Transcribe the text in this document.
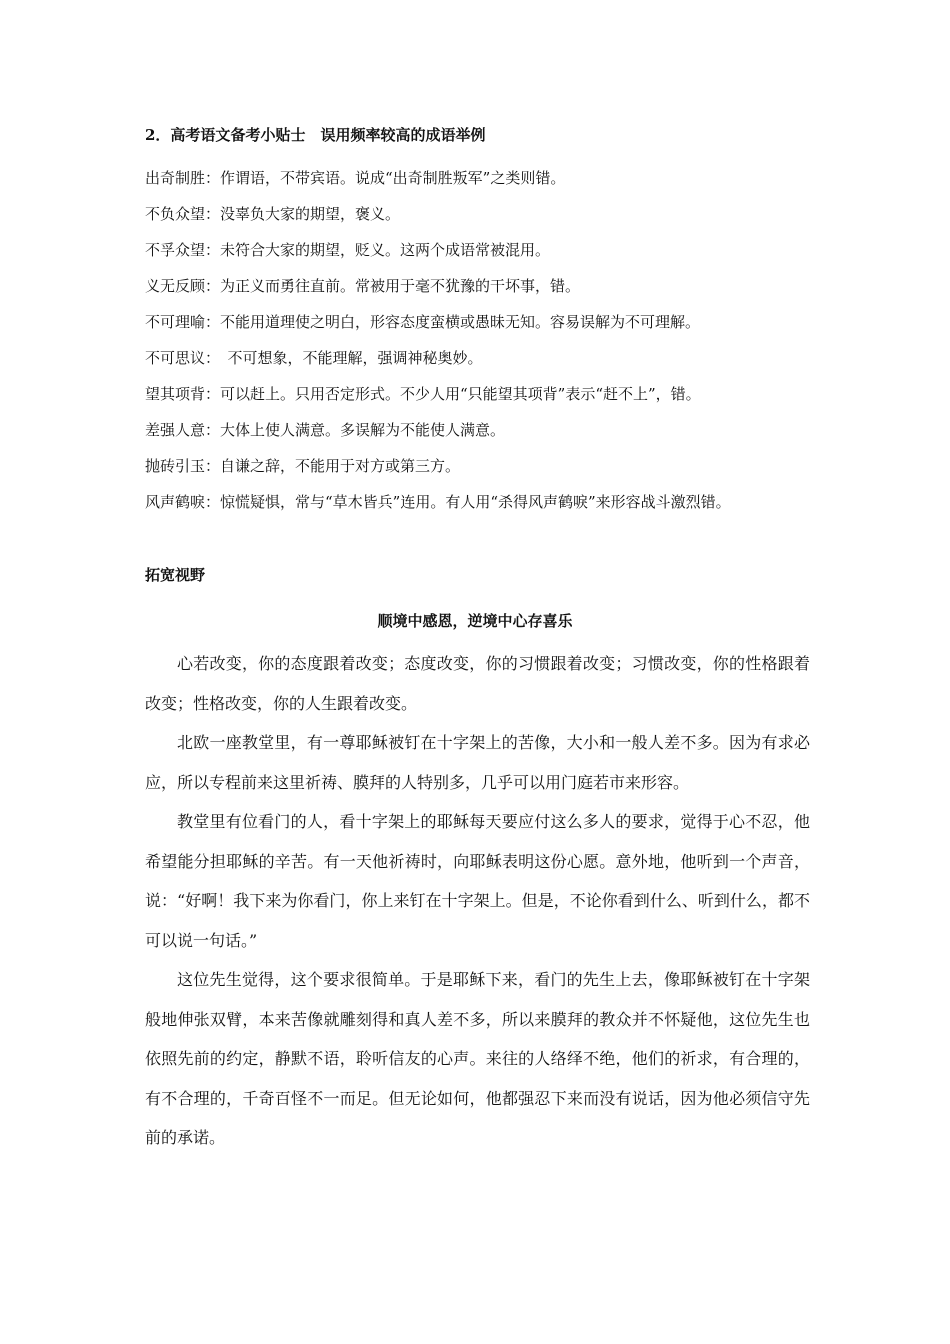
2．高考语文备考小贴士　误用频率较高的成语举例
出奇制胜：作谓语，不带宾语。说成“出奇制胜叛军”之类则错。
不负众望：没辜负大家的期望，褒义。
不孚众望：未符合大家的期望，贬义。这两个成语常被混用。
义无反顾：为正义而勇往直前。常被用于毫不犹豫的干坏事，错。
不可理喻：不能用道理使之明白，形容态度蛮横或愚昧无知。容易误解为不可理解。
不可思议：　不可想象，不能理解，强调神秘奥妙。
望其项背：可以赶上。只用否定形式。不少人用“只能望其项背”表示“赶不上”，错。
差强人意：大体上使人满意。多误解为不能使人满意。
抛砖引玉：自谦之辞，不能用于对方或第三方。
风声鹤唳：惊慌疑惧，常与“草木皆兵”连用。有人用“杀得风声鹤唳”来形容战斗激烈错。
拓宽视野
顺境中感恩，逆境中心存喜乐

心若改变，你的态度跟着改变；态度改变，你的习惯跟着改变；习惯改变，你的性格跟着改变；性格改变，你的人生跟着改变。

北欧一座教堂里，有一尊耶稣被钉在十字架上的苦像，大小和一般人差不多。因为有求必应，所以专程前来这里祈祷、膜拜的人特别多，几乎可以用门庭若市来形容。

教堂里有位看门的人，看十字架上的耶稣每天要应付这么多人的要求，觉得于心不忍，他希望能分担耶稣的辛苦。有一天他祈祷时，向耶稣表明这份心愿。意外地，他听到一个声音，说：“好啊！我下来为你看门，你上来钉在十字架上。但是，不论你看到什么、听到什么，都不可以说一句话。”

这位先生觉得，这个要求很简单。于是耶稣下来，看门的先生上去，像耶稣被钉在十字架般地伸张双臂，本来苦像就雕刻得和真人差不多，所以来膜拜的教众并不怀疑他，这位先生也依照先前的约定，静默不语，聆听信友的心声。来往的人络绎不绝，他们的祈求，有合理的，有不合理的，千奇百怪不一而足。但无论如何，他都强忍下来而没有说话，因为他必须信守先前的承诺。
